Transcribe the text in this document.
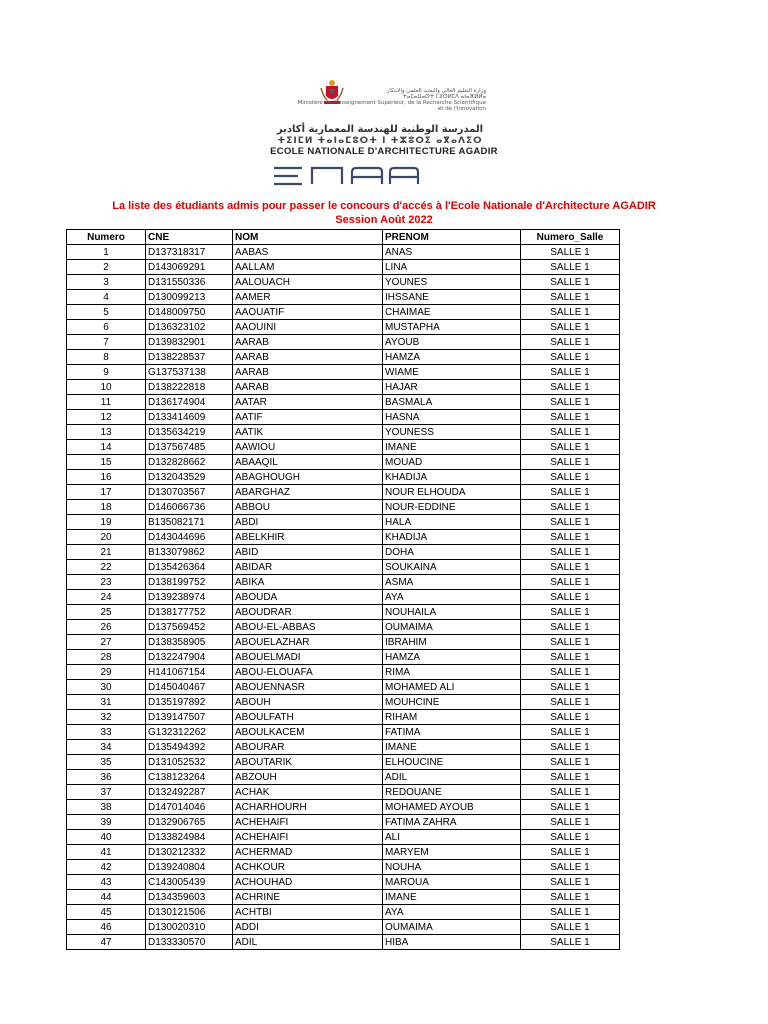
وزارة التعليم العالي والبحث العلمي والابتكار
ⵜⴰⵎⴰⵡⴰⵙⵜ ⵏ ⵓⵙⵍⵎⴷ ⴰⵏⴰⴼⵍⵍⴰ
Ministère de l'Enseignement Supérieur, de la Recherche Scientifique et de l'Innovation
المدرسة الوطنية للهندسة المعمارية أكادير
ⵜⵉⵏⵎⵍ ⵜⴰⵏⴰⵎⵓⵔⵜ ⵏ ⵜⵣⵓⵔⵉ ⴰⴳⴰⴷⵉⵔ
ECOLE NATIONALE D'ARCHITECTURE AGADIR
La liste des étudiants admis pour passer le concours d'accés à l'Ecole Nationale d'Architecture AGADIR
Session Août 2022
Numero	CNE	NOM	PRENOM	Numero_Salle
1	D137318317	AABAS	ANAS	SALLE 1
2	D143069291	AALLAM	LINA	SALLE 1
3	D131550336	AALOUACH	YOUNES	SALLE 1
4	D130099213	AAMER	IHSSANE	SALLE 1
5	D148009750	AAOUATIF	CHAIMAE	SALLE 1
6	D136323102	AAOUINI	MUSTAPHA	SALLE 1
7	D139832901	AARAB	AYOUB	SALLE 1
8	D138228537	AARAB	HAMZA	SALLE 1
9	G137537138	AARAB	WIAME	SALLE 1
10	D138222818	AARAB	HAJAR	SALLE 1
11	D136174904	AATAR	BASMALA	SALLE 1
12	D133414609	AATIF	HASNA	SALLE 1
13	D135634219	AATIK	YOUNESS	SALLE 1
14	D137567485	AAWIOU	IMANE	SALLE 1
15	D132828662	ABAAQIL	MOUAD	SALLE 1
16	D132043529	ABAGHOUGH	KHADIJA	SALLE 1
17	D130703567	ABARGHAZ	NOUR ELHOUDA	SALLE 1
18	D146066736	ABBOU	NOUR-EDDINE	SALLE 1
19	B135082171	ABDI	HALA	SALLE 1
20	D143044696	ABELKHIR	KHADIJA	SALLE 1
21	B133079862	ABID	DOHA	SALLE 1
22	D135426364	ABIDAR	SOUKAINA	SALLE 1
23	D138199752	ABIKA	ASMA	SALLE 1
24	D139238974	ABOUDA	AYA	SALLE 1
25	D138177752	ABOUDRAR	NOUHAILA	SALLE 1
26	D137569452	ABOU-EL-ABBAS	OUMAIMA	SALLE 1
27	D138358905	ABOUELAZHAR	IBRAHIM	SALLE 1
28	D132247904	ABOUELMADI	HAMZA	SALLE 1
29	H141067154	ABOU-ELOUAFA	RIMA	SALLE 1
30	D145040467	ABOUENNASR	MOHAMED ALI	SALLE 1
31	D135197892	ABOUH	MOUHCINE	SALLE 1
32	D139147507	ABOULFATH	RIHAM	SALLE 1
33	G132312262	ABOULKACEM	FATIMA	SALLE 1
34	D135494392	ABOURAR	IMANE	SALLE 1
35	D131052532	ABOUTARIK	ELHOUCINE	SALLE 1
36	C138123264	ABZOUH	ADIL	SALLE 1
37	D132492287	ACHAK	REDOUANE	SALLE 1
38	D147014046	ACHARHOURH	MOHAMED AYOUB	SALLE 1
39	D132906765	ACHEHAIFI	FATIMA ZAHRA	SALLE 1
40	D133824984	ACHEHAIFI	ALI	SALLE 1
41	D130212332	ACHERMAD	MARYEM	SALLE 1
42	D139240804	ACHKOUR	NOUHA	SALLE 1
43	C143005439	ACHOUHAD	MAROUA	SALLE 1
44	D134359603	ACHRINE	IMANE	SALLE 1
45	D130121506	ACHTBI	AYA	SALLE 1
46	D130020310	ADDI	OUMAIMA	SALLE 1
47	D133330570	ADIL	HIBA	SALLE 1
